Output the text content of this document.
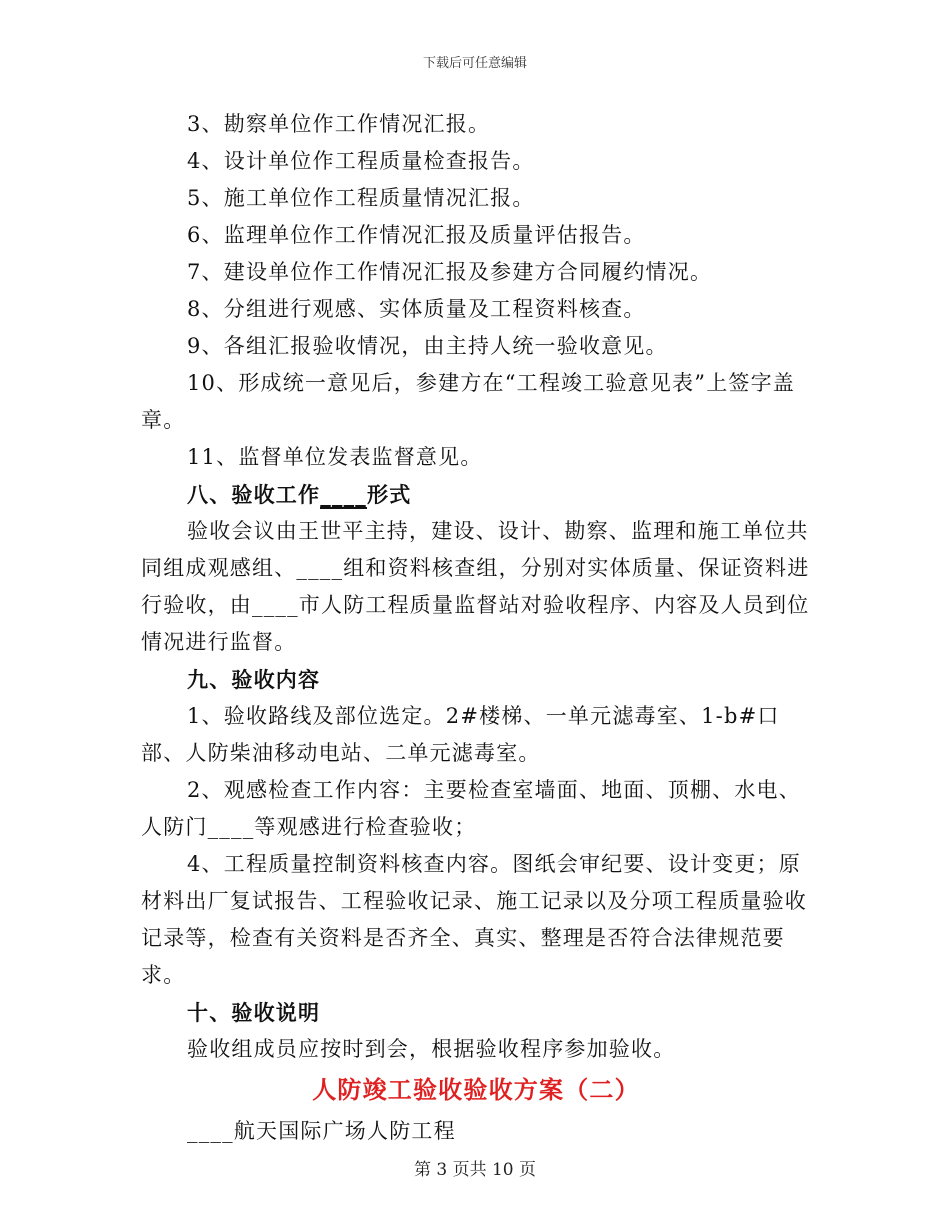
下载后可任意编辑

3、勘察单位作工作情况汇报。

4、设计单位作工程质量检查报告。

5、施工单位作工程质量情况汇报。

6、监理单位作工作情况汇报及质量评估报告。

7、建设单位作工作情况汇报及参建方合同履约情况。

8、分组进行观感、实体质量及工程资料核查。

9、各组汇报验收情况，由主持人统一验收意见。

10、形成统一意见后，参建方在“工程竣工验意见表”上签字盖章。

11、监督单位发表监督意见。

八、验收工作____形式

验收会议由王世平主持，建设、设计、勘察、监理和施工单位共同组成观感组、____组和资料核查组，分别对实体质量、保证资料进行验收，由____市人防工程质量监督站对验收程序、内容及人员到位情况进行监督。

九、验收内容

1、验收路线及部位选定。2#楼梯、一单元滤毒室、1-b#口部、人防柴油移动电站、二单元滤毒室。

2、观感检查工作内容：主要检查室墙面、地面、顶棚、水电、人防门____等观感进行检查验收；

4、工程质量控制资料核查内容。图纸会审纪要、设计变更；原材料出厂复试报告、工程验收记录、施工记录以及分项工程质量验收记录等，检查有关资料是否齐全、真实、整理是否符合法律规范要求。

十、验收说明

验收组成员应按时到会，根据验收程序参加验收。

人防竣工验收验收方案（二）

____航天国际广场人防工程

第 3 页共 10 页
